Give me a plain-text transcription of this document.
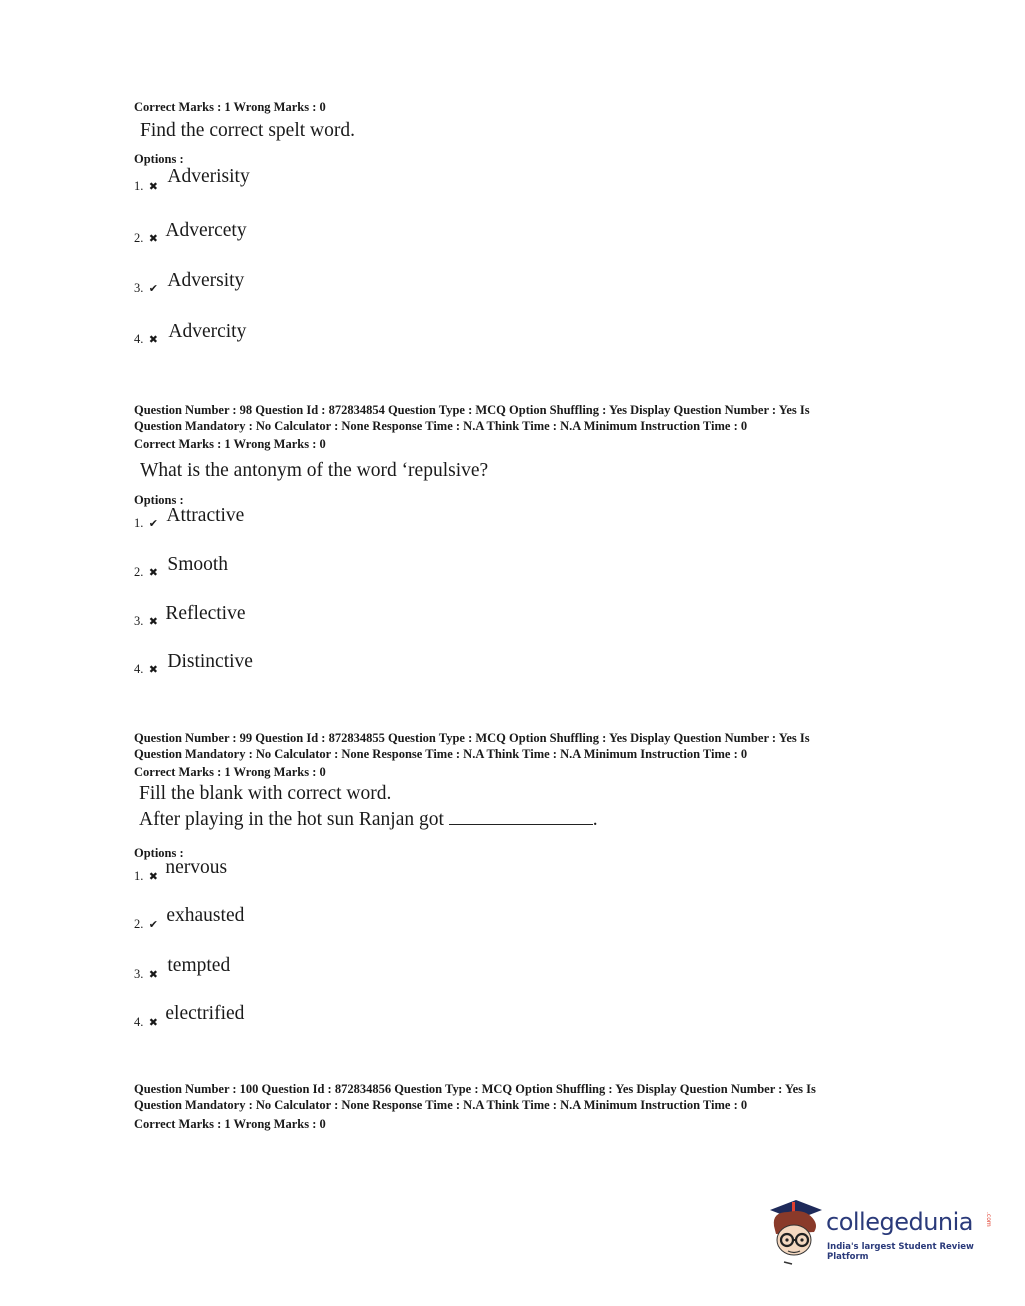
Correct Marks : 1 Wrong Marks : 0
Find the correct spelt word.
Options :
1. ✖ Adverisity
2. ✖ Advercety
3. ✔ Adversity
4. ✖ Advercity
Question Number : 98 Question Id : 872834854 Question Type : MCQ Option Shuffling : Yes Display Question Number : Yes Is
Question Mandatory : No Calculator : None Response Time : N.A Think Time : N.A Minimum Instruction Time : 0
Correct Marks : 1 Wrong Marks : 0
What is the antonym of the word ‘repulsive?
Options :
1. ✔ Attractive
2. ✖ Smooth
3. ✖ Reflective
4. ✖ Distinctive
Question Number : 99 Question Id : 872834855 Question Type : MCQ Option Shuffling : Yes Display Question Number : Yes Is
Question Mandatory : No Calculator : None Response Time : N.A Think Time : N.A Minimum Instruction Time : 0
Correct Marks : 1 Wrong Marks : 0
Fill the blank with correct word.
After playing in the hot sun Ranjan got	.
Options :
1. ✖ nervous
2. ✔ exhausted
3. ✖ tempted
4. ✖ electrified
Question Number : 100 Question Id : 872834856 Question Type : MCQ Option Shuffling : Yes Display Question Number : Yes Is
Question Mandatory : No Calculator : None Response Time : N.A Think Time : N.A Minimum Instruction Time : 0
Correct Marks : 1 Wrong Marks : 0
collegedunia .com
India's largest Student Review Platform
